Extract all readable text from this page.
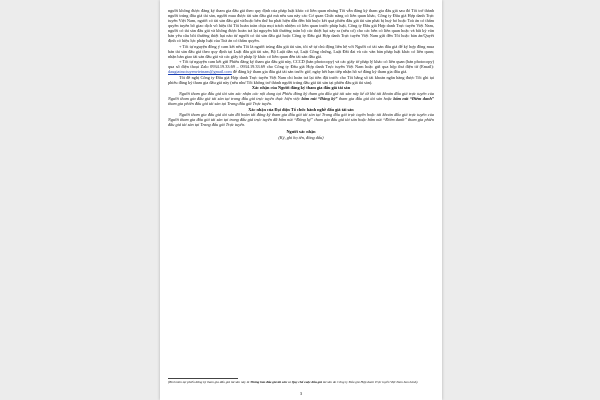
người không được đăng ký tham gia đấu giá theo quy định của pháp luật khác có liên quan nhưng Tôi vẫn đăng ký tham gia đấu giá sau đó Tôi trở thành người trúng đấu giá tài sản, người mua được tài sản đấu giá mà nếu sau này các Cơ quan Chức năng có liên quan khác, Công ty Đấu giá Hợp danh Trực tuyến Việt Nam, người có tài sản đấu giá và/hoặc bên thứ ba phát hiện dẫn đến bắt buộc kết quả phiên đấu giá tài sản phải bị huỷ bỏ hoặc Toà án có thẩm quyền tuyên bố giao dịch vô hiệu thì Tôi hoàn toàn chịu mọi trách nhiệm có liên quan trước pháp luật, Công ty Đấu giá Hợp danh Trực tuyến Việt Nam, người có tài sản đấu giá và không được hoàn trả lại nguyên bất thường toàn bộ các thiệt hại xảy ra (nếu có) cho các bên có liên quan hoặc và bất kỳ văn bản yêu cầu bồi thường thiệt hại nào từ người có tài sản đấu giá hoặc Công ty Đấu giá Hợp danh Trực tuyến Việt Nam gửi đến Tôi hoặc bản án/Quyết định có hiệu lực pháp luật của Toà án có thẩm quyền.

+ Tôi tự nguyện đồng ý cam kết nếu Tôi là người trúng đấu giá tài sản, tôi sẽ tự chủ động liên hệ với Người có tài sản đấu giá để ký hợp đồng mua bán tài sản đấu giá theo quy định tại Luật đấu giá tài sản, Bộ Luật dân sự, Luật Công chứng, Luật Đất đai và các văn bản pháp luật khác có liên quan; nhận bàn giao tài sản đấu giá và các giấy tờ pháp lý khác có liên quan đến tài sản đấu giá.

+ Tôi tự nguyện cam kết gửi Phiếu đăng ký tham gia đấu giá này, CCCD (bản photocopy) và các giấy tờ pháp lý khác có liên quan (bản photocopy) qua số điện thoại Zalo 0934.19.33.69 – 0934.19.33.69 cho Công ty Đấu giá Hợp danh Trực tuyến Việt Nam hoặc gửi qua hộp thư điện tử (Email): daugiatructuyenvietnam@gmail.com để đăng ký tham gia đấu giá tài sản trước giờ, ngày hết hạn tiếp nhận hồ sơ đăng ký tham gia đấu giá.

Tôi đề nghị Công ty Đấu giá Hợp danh Trực tuyến Việt Nam chi hoàn trả lại tiền đặt trước cho Tôi bằng số tài khoản ngân hàng được Tôi ghi tại phiếu đăng ký tham gia đấu giá này (nếu như Tôi không trở thành người trúng đấu giá tài sản tại phiên đấu giá tài sản).

Xác nhận của Người đăng ký tham gia đấu giá tài sản

Người tham gia đấu giá tài sản xác nhận các nội dung tại Phiếu đăng ký tham gia đấu giá tài sản này kể từ khi tài khoản đấu giá trực tuyến của Người tham gia đấu giá tài sản tại trang đấu giá trực tuyến thực hiện việc bấm nút “Đăng ký” tham gia đấu giá tài sản hoặc bấm nút “Điểm danh” tham gia phiên đấu giá tài sản tại Trang đấu giá Trực tuyến.

Xác nhận của Đại diện Tổ chức hành nghề đấu giá tài sản

Người tham gia đấu giá tài sản đã hoàn tất đăng ký tham gia đấu giá tài sản tại Trang đấu giá trực tuyến hoặc tài khoản đấu giá trực tuyến của Người tham gia đấu giá tài sản tại trang đấu giá trực tuyến đã bấm nút “Đăng ký” tham gia đấu giá tài sản hoặc bấm nút “Điểm danh” tham gia phiên đấu giá tài sản tại Trang đấu giá Trực tuyến.

Người xác nhận

(Ký, ghi họ tên, đóng dấu)

(Bình kèm tại phiếu đăng ký tham gia đấu giá tài sản này là Thông báo đấu giá tài sản và Quy chế cuộc đấu giá tài sản do Công ty Đấu giá Hợp danh Trực tuyến Việt Nam ban hành).
3
